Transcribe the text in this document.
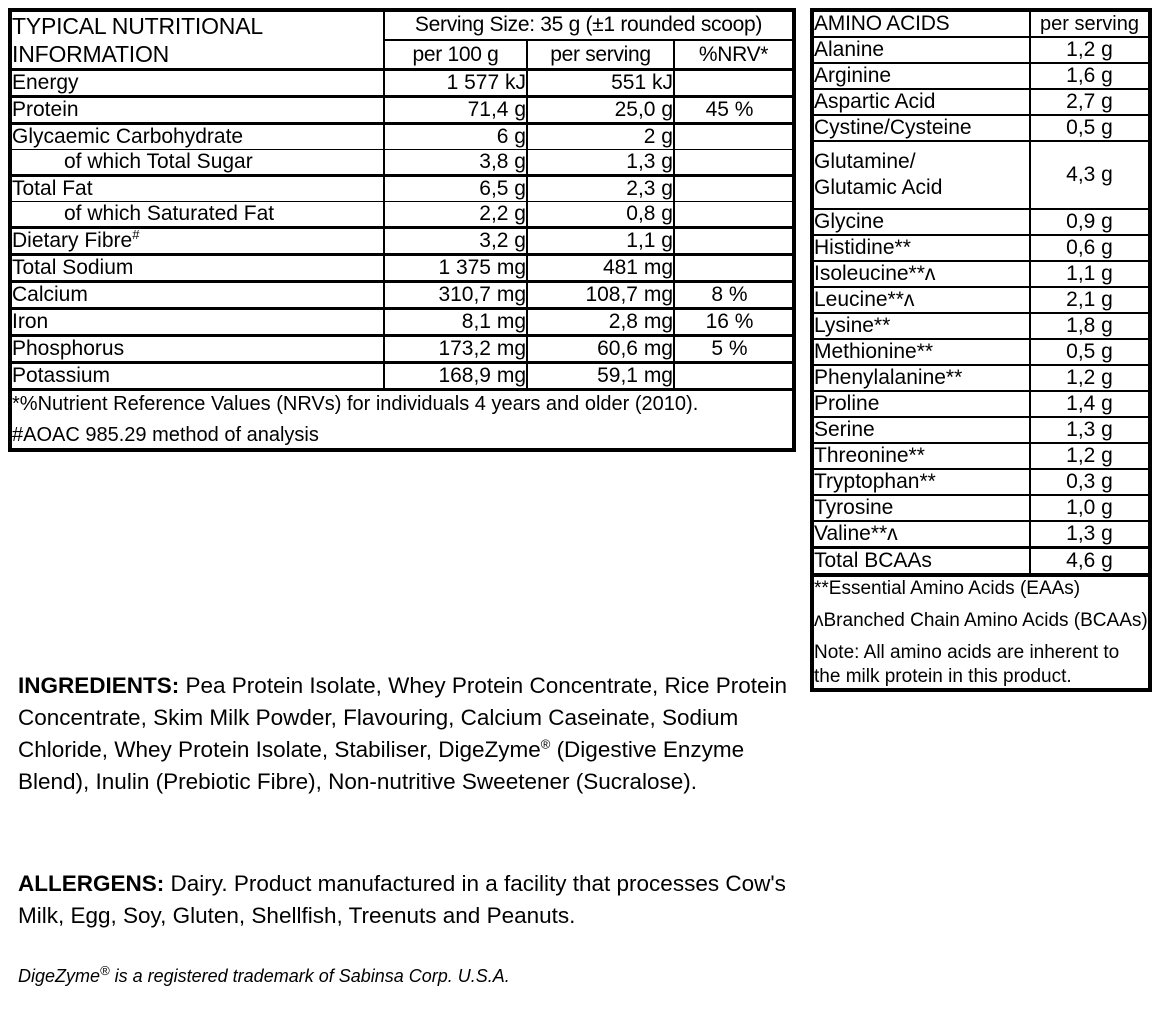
TYPICAL NUTRITIONAL INFORMATION	Serving Size: 35 g (±1 rounded scoop)		
	per 100 g	per serving	%NRV*
Energy	1 577 kJ	551 kJ	
Protein	71,4 g	25,0 g	45 %
Glycaemic Carbohydrate	6 g	2 g	
of which Total Sugar	3,8 g	1,3 g	
Total Fat	6,5 g	2,3 g	
of which Saturated Fat	2,2 g	0,8 g	
Dietary Fibre#	3,2 g	1,1 g	
Total Sodium	1 375 mg	481 mg	
Calcium	310,7 mg	108,7 mg	8 %
Iron	8,1 mg	2,8 mg	16 %
Phosphorus	173,2 mg	60,6 mg	5 %
Potassium	168,9 mg	59,1 mg	

*%Nutrient Reference Values (NRVs) for individuals 4 years and older (2010).

#AOAC 985.29 method of analysis			

INGREDIENTS: Pea Protein Isolate, Whey Protein Concentrate, Rice Protein Concentrate, Skim Milk Powder, Flavouring, Calcium Caseinate, Sodium Chloride, Whey Protein Isolate, Stabiliser, DigeZyme® (Digestive Enzyme Blend), Inulin (Prebiotic Fibre), Non-nutritive Sweetener (Sucralose).
ALLERGENS: Dairy. Product manufactured in a facility that processes Cow's Milk, Egg, Soy, Gluten, Shellfish, Treenuts and Peanuts.
DigeZyme® is a registered trademark of Sabinsa Corp. U.S.A.
AMINO ACIDS	per serving
Alanine	1,2 g
Arginine	1,6 g
Aspartic Acid	2,7 g
Cystine/Cysteine	0,5 g
Glutamine/
Glutamic Acid	4,3 g
Glycine	0,9 g
Histidine**	0,6 g
Isoleucine**ᴧ	1,1 g
Leucine**ᴧ	2,1 g
Lysine**	1,8 g
Methionine**	0,5 g
Phenylalanine**	1,2 g
Proline	1,4 g
Serine	1,3 g
Threonine**	1,2 g
Tryptophan**	0,3 g
Tyrosine	1,0 g
Valine**ᴧ	1,3 g
Total BCAAs	4,6 g

**Essential Amino Acids (EAAs)

ᴧBranched Chain Amino Acids (BCAAs)

Note: All amino acids are inherent to the milk protein in this product.	
